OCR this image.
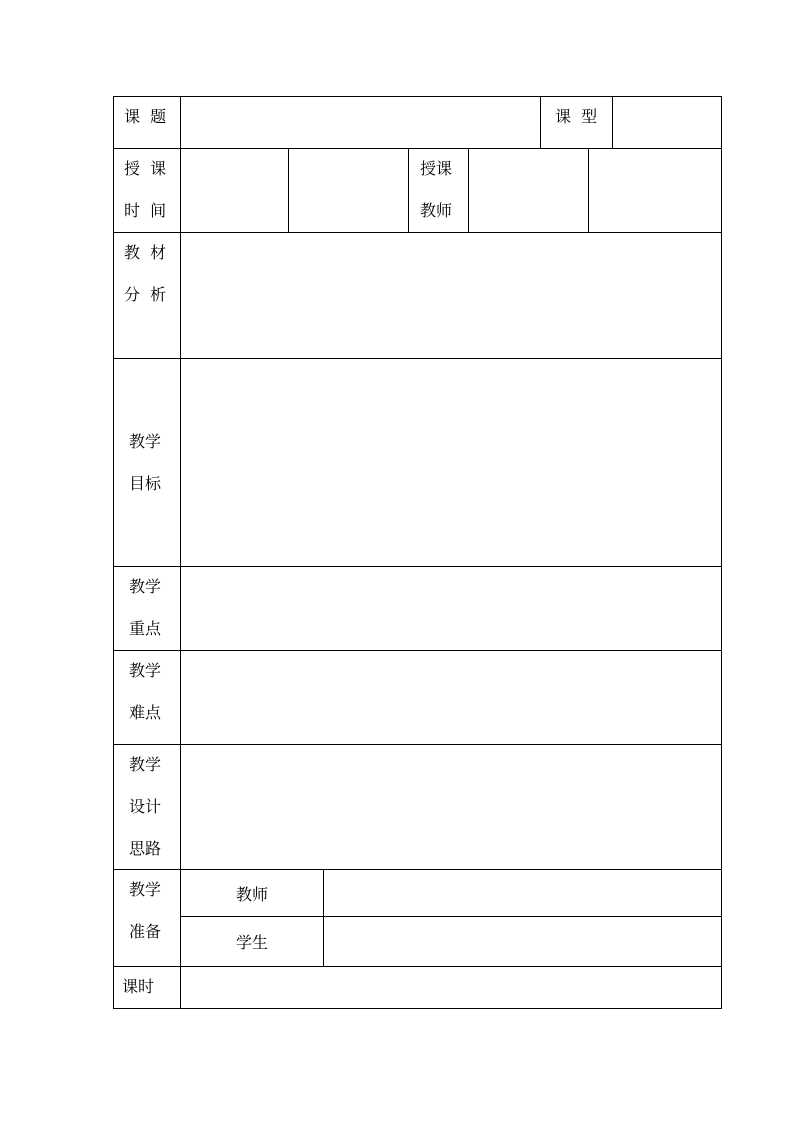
课  题	课  型
授  课
时  间
授课
教师
教  材
分  析
教学
目标
教学
重点
教学
难点
教学
设计
思路
教学
准备
教师
学生
课时
